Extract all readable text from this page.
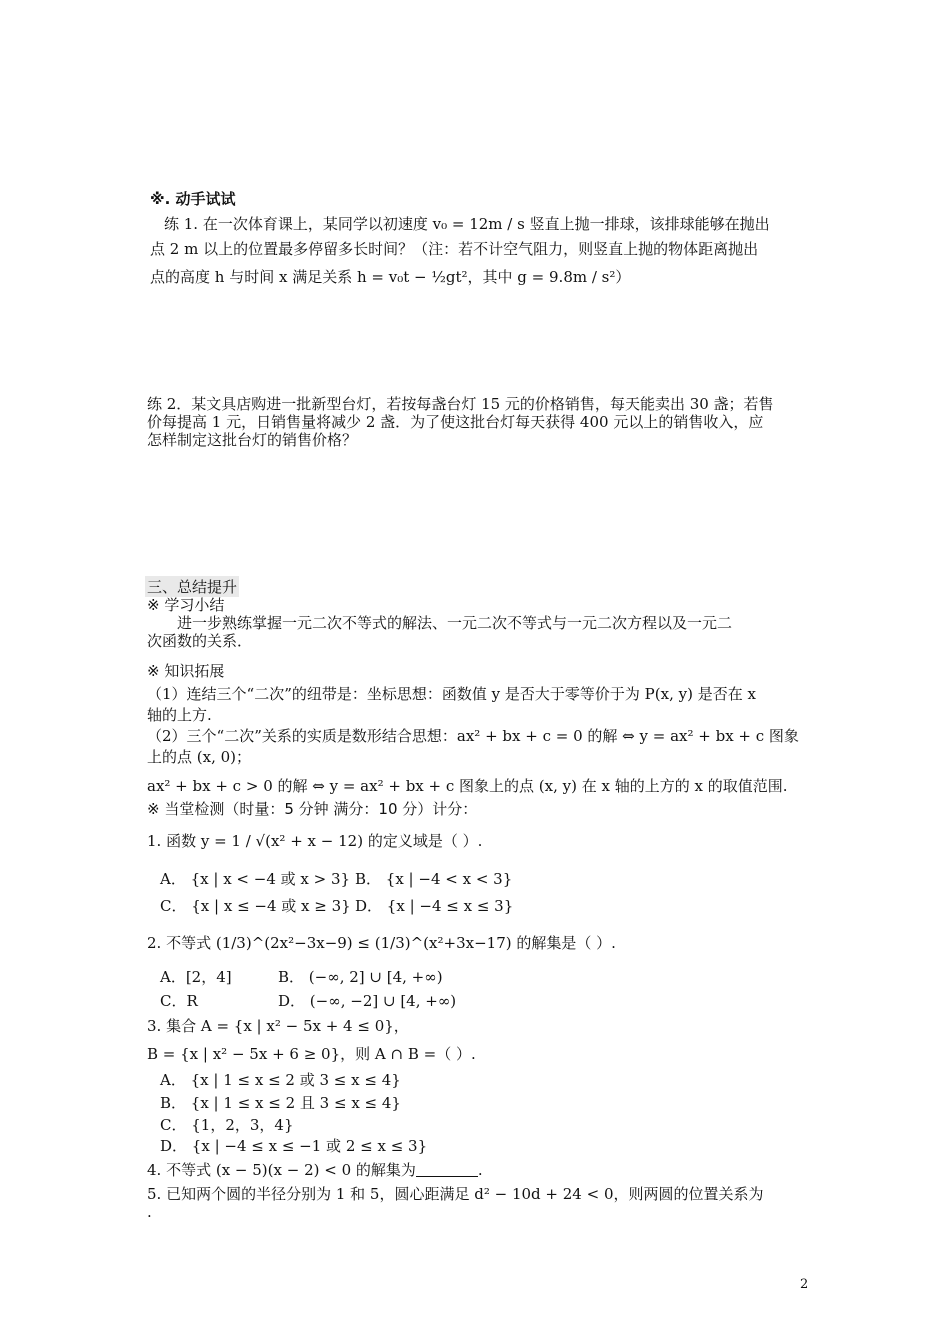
※. 动手试试
练 1. 在一次体育课上，某同学以初速度 v₀ = 12m / s 竖直上抛一排球，该排球能够在抛出
点 2 m 以上的位置最多停留多长时间？（注：若不计空气阻力，则竖直上抛的物体距离抛出
点的高度 h 与时间 x 满足关系 h = v₀t − ½gt²，其中 g = 9.8m / s²）
练 2．某文具店购进一批新型台灯，若按每盏台灯 15 元的价格销售，每天能卖出 30 盏；若售
价每提高 1 元，日销售量将减少 2 盏．为了使这批台灯每天获得 400 元以上的销售收入，应
怎样制定这批台灯的销售价格？
三、总结提升
※ 学习小结
进一步熟练掌握一元二次不等式的解法、一元二次不等式与一元二次方程以及一元二
次函数的关系．
※ 知识拓展
（1）连结三个“二次”的纽带是：坐标思想：函数值 y 是否大于零等价于为 P(x, y) 是否在 x
轴的上方.
（2）三个“二次”关系的实质是数形结合思想：ax² + bx + c = 0 的解 ⇔ y = ax² + bx + c 图象
上的点 (x, 0)；
ax² + bx + c > 0 的解 ⇔ y = ax² + bx + c 图象上的点 (x, y) 在 x 轴的上方的 x 的取值范围.
※ 当堂检测（时量：5 分钟 满分：10 分）计分：
1. 函数 y = 1 / √(x² + x − 12) 的定义域是（ ）.
A． {x | x < −4 或 x > 3} B． {x | −4 < x < 3}
C． {x | x ≤ −4 或 x ≥ 3} D． {x | −4 ≤ x ≤ 3}
2. 不等式 (1/3)^(2x²−3x−9) ≤ (1/3)^(x²+3x−17) 的解集是（ ）.
A．[2，4]	B． (−∞, 2] ∪ [4, +∞)
C．R	D． (−∞, −2] ∪ [4, +∞)
3. 集合 A = {x | x² − 5x + 4 ≤ 0}，
B = {x | x² − 5x + 6 ≥ 0}，则 A ∩ B =（ ）.
A． {x | 1 ≤ x ≤ 2 或 3 ≤ x ≤ 4}
B． {x | 1 ≤ x ≤ 2 且 3 ≤ x ≤ 4}
C． {1，2，3，4}
D． {x | −4 ≤ x ≤ −1 或 2 ≤ x ≤ 3}
4. 不等式 (x − 5)(x − 2) < 0 的解集为	.
5. 已知两个圆的半径分别为 1 和 5，圆心距满足 d² − 10d + 24 < 0，则两圆的位置关系为
.
2
